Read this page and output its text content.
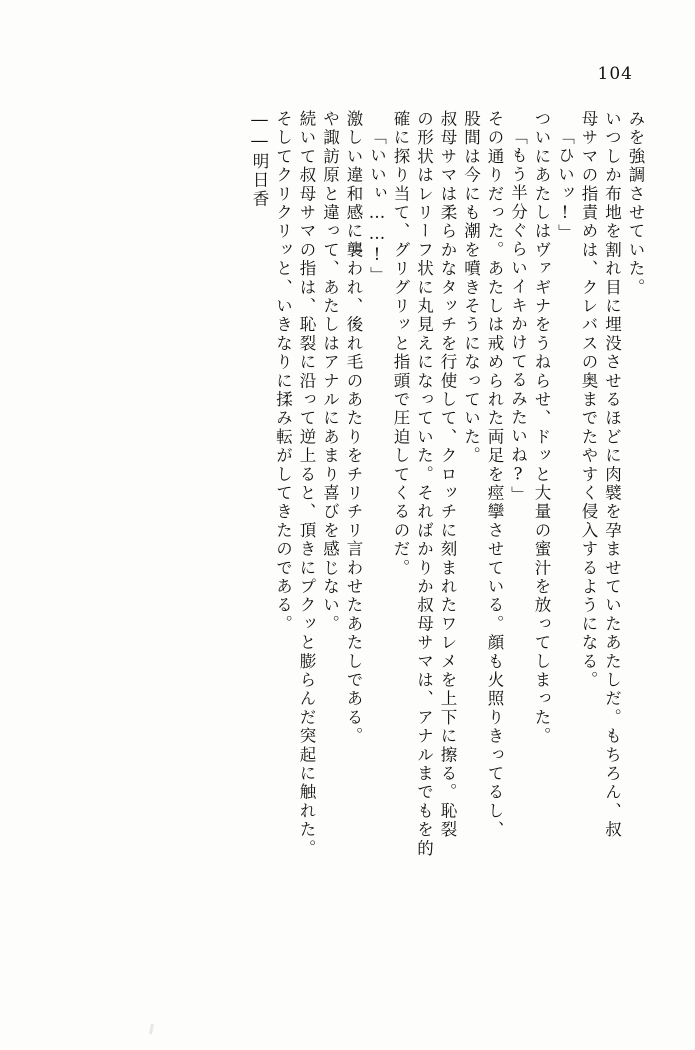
104
――明日香 そしてクリクリッと、いきなりに揉み転がしてきたのである。 続いて叔母サマの指は、恥裂に沿って逆上ると、頂きにプクッと膨らんだ突起に触れた。 や諏訪原と違って、あたしはアナルにあまり喜びを感じない。 激しい違和感に襲われ、後れ毛のあたりをチリチリ言わせたあたしである。 「いいぃ……!」 確に探り当て、グリグリッと指頭で圧迫してくるのだ。 の形状はレリーフ状に丸見えになっていた。そればかりか叔母サマは、アナルまでもを的 叔母サマは柔らかなタッチを行使して、クロッチに刻まれたワレメを上下に擦る。恥裂 股間は今にも潮を噴きそうになっていた。 その通りだった。あたしは戒められた両足を痙攣させている。顔も火照りきってるし、 「もう半分ぐらいイキかけてるみたいね?」 ついにあたしはヴァギナをうねらせ、ドッと大量の蜜汁を放ってしまった。 「ひいッ!」 母サマの指責めは、クレバスの奥までたやすく侵入するようになる。 いつしか布地を割れ目に埋没させるほどに肉襞を孕ませていたあたしだ。もちろん、叔 みを強調させていた。
